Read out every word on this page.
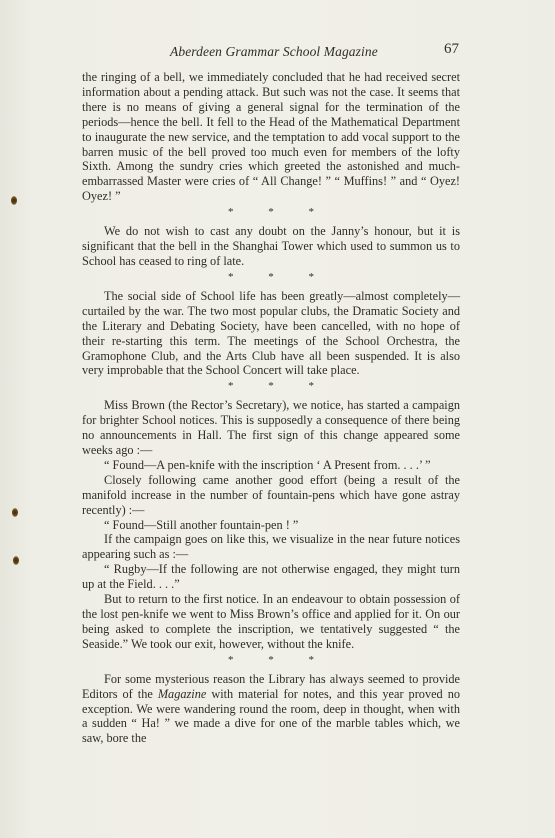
Aberdeen Grammar School Magazine	67

the ringing of a bell, we immediately concluded that he had received secret information about a pending attack. But such was not the case. It seems that there is no means of giving a general signal for the termination of the periods—hence the bell. It fell to the Head of the Mathematical Department to inaugurate the new service, and the temptation to add vocal support to the barren music of the bell proved too much even for members of the lofty Sixth. Among the sundry cries which greeted the astonished and much-embarrassed Master were cries of “ All Change! ” “ Muffins! ” and “ Oyez! Oyez! ”

* * *

We do not wish to cast any doubt on the Janny’s honour, but it is significant that the bell in the Shanghai Tower which used to summon us to School has ceased to ring of late.

* * *

The social side of School life has been greatly—almost completely—curtailed by the war. The two most popular clubs, the Dramatic Society and the Literary and Debating Society, have been cancelled, with no hope of their re-starting this term. The meetings of the School Orchestra, the Gramophone Club, and the Arts Club have all been suspended. It is also very improbable that the School Concert will take place.

* * *

Miss Brown (the Rector’s Secretary), we notice, has started a campaign for brighter School notices. This is supposedly a consequence of there being no announcements in Hall. The first sign of this change appeared some weeks ago :—

“ Found—A pen-knife with the inscription ‘ A Present from. . . .’ ”

Closely following came another good effort (being a result of the manifold increase in the number of fountain-pens which have gone astray recently) :—

“ Found—Still another fountain-pen ! ”

If the campaign goes on like this, we visualize in the near future notices appearing such as :—

“ Rugby—If the following are not otherwise engaged, they might turn up at the Field. . . .”

But to return to the first notice. In an endeavour to obtain possession of the lost pen-knife we went to Miss Brown’s office and applied for it. On our being asked to complete the inscription, we tentatively suggested “ the Seaside.” We took our exit, however, without the knife.

* * *

For some mysterious reason the Library has always seemed to provide Editors of the Magazine with material for notes, and this year proved no exception. We were wandering round the room, deep in thought, when with a sudden “ Ha! ” we made a dive for one of the marble tables which, we saw, bore the
